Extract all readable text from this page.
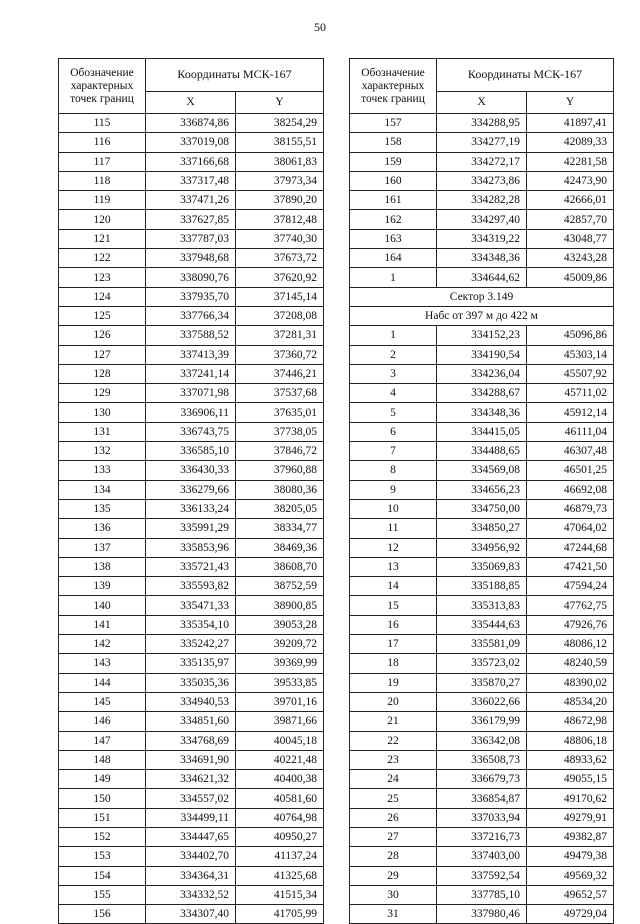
50
Обозначение характерных точек границ	Координаты МСК-167	
	X	Y
115	336874,86	38254,29
116	337019,08	38155,51
117	337166,68	38061,83
118	337317,48	37973,34
119	337471,26	37890,20
120	337627,85	37812,48
121	337787,03	37740,30
122	337948,68	37673,72
123	338090,76	37620,92
124	337935,70	37145,14
125	337766,34	37208,08
126	337588,52	37281,31
127	337413,39	37360,72
128	337241,14	37446,21
129	337071,98	37537,68
130	336906,11	37635,01
131	336743,75	37738,05
132	336585,10	37846,72
133	336430,33	37960,88
134	336279,66	38080,36
135	336133,24	38205,05
136	335991,29	38334,77
137	335853,96	38469,36
138	335721,43	38608,70
139	335593,82	38752,59
140	335471,33	38900,85
141	335354,10	39053,28
142	335242,27	39209,72
143	335135,97	39369,99
144	335035,36	39533,85
145	334940,53	39701,16
146	334851,60	39871,66
147	334768,69	40045,18
148	334691,90	40221,48
149	334621,32	40400,38
150	334557,02	40581,60
151	334499,11	40764,98
152	334447,65	40950,27
153	334402,70	41137,24
154	334364,31	41325,68
155	334332,52	41515,34
156	334307,40	41705,99
Обозначение характерных точек границ	Координаты МСК-167	
	X	Y
157	334288,95	41897,41
158	334277,19	42089,33
159	334272,17	42281,58
160	334273,86	42473,90
161	334282,28	42666,01
162	334297,40	42857,70
163	334319,22	43048,77
164	334348,36	43243,28
1	334644,62	45009,86
Сектор 3.149		
Набс от 397 м до 422 м		
1	334152,23	45096,86
2	334190,54	45303,14
3	334236,04	45507,92
4	334288,67	45711,02
5	334348,36	45912,14
6	334415,05	46111,04
7	334488,65	46307,48
8	334569,08	46501,25
9	334656,23	46692,08
10	334750,00	46879,73
11	334850,27	47064,02
12	334956,92	47244,68
13	335069,83	47421,50
14	335188,85	47594,24
15	335313,83	47762,75
16	335444,63	47926,76
17	335581,09	48086,12
18	335723,02	48240,59
19	335870,27	48390,02
20	336022,66	48534,20
21	336179,99	48672,98
22	336342,08	48806,18
23	336508,73	48933,62
24	336679,73	49055,15
25	336854,87	49170,62
26	337033,94	49279,91
27	337216,73	49382,87
28	337403,00	49479,38
29	337592,54	49569,32
30	337785,10	49652,57
31	337980,46	49729,04
